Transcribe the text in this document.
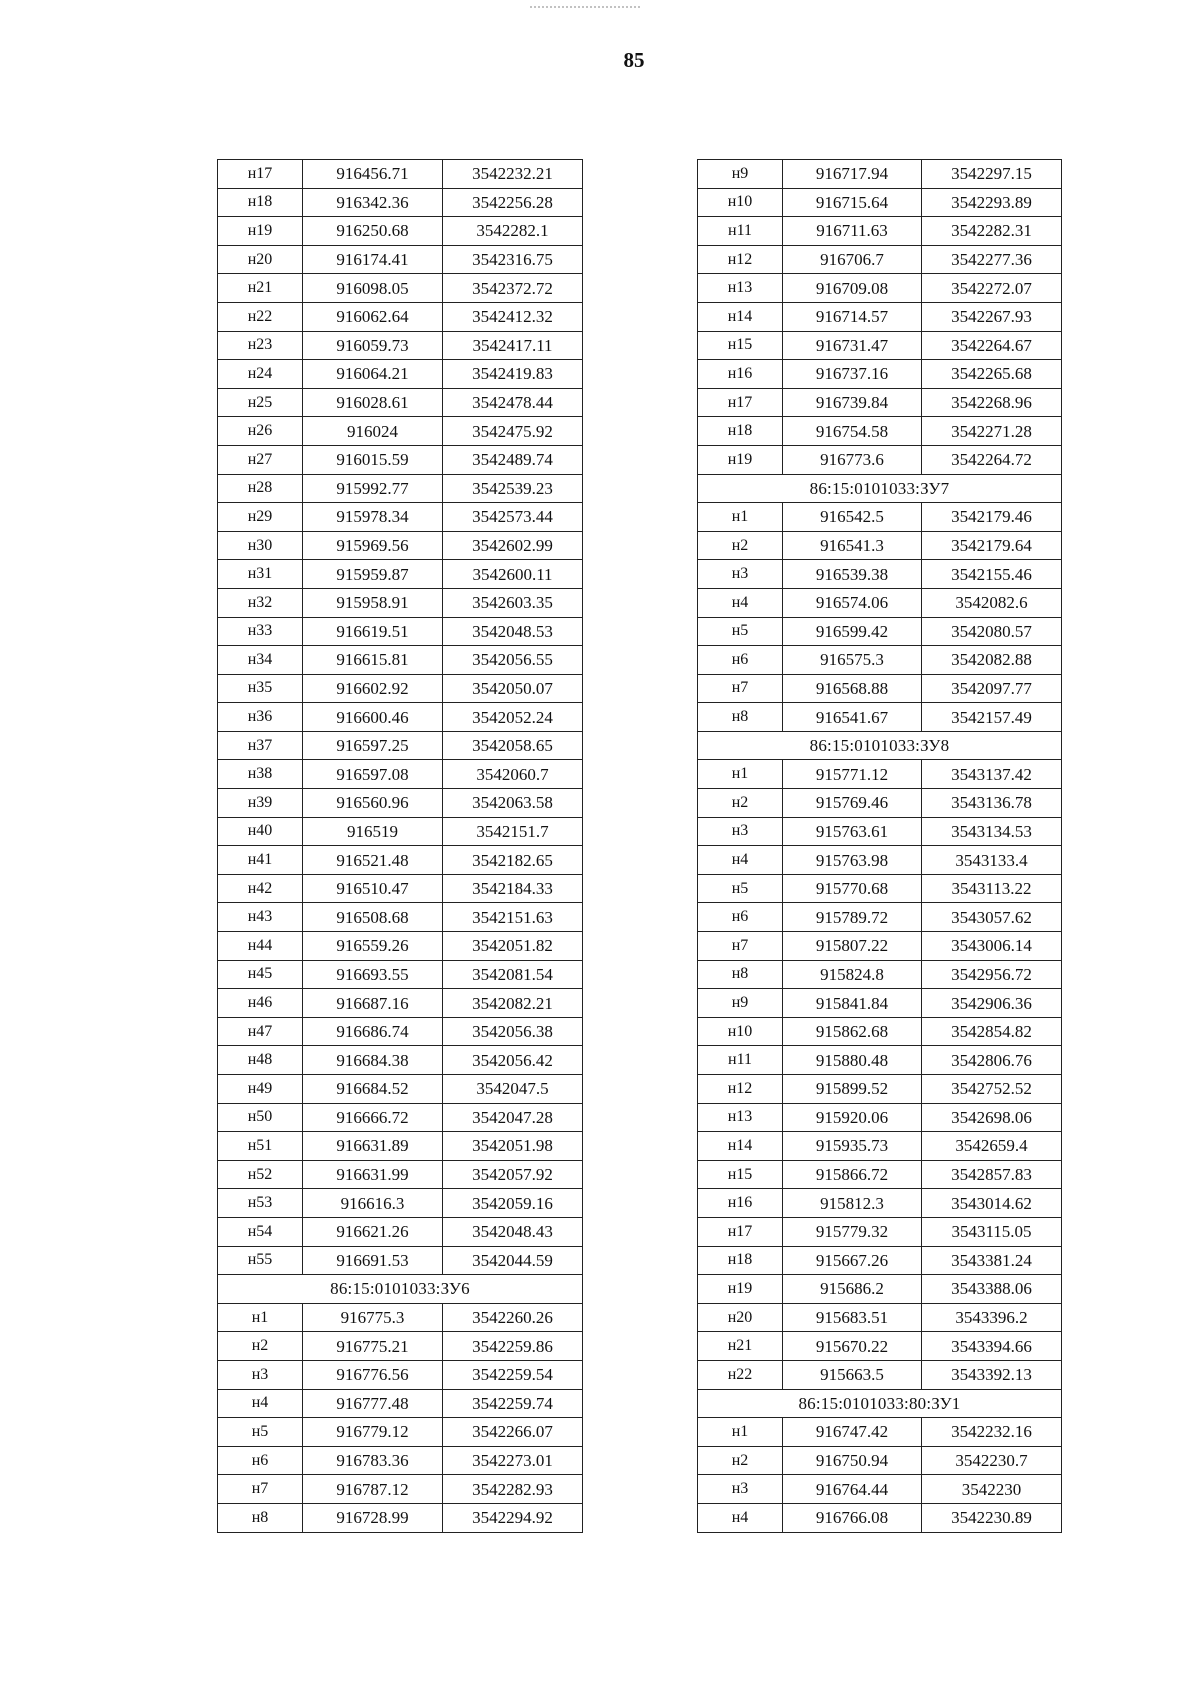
85
н17	916456.71	3542232.21
н18	916342.36	3542256.28
н19	916250.68	3542282.1
н20	916174.41	3542316.75
н21	916098.05	3542372.72
н22	916062.64	3542412.32
н23	916059.73	3542417.11
н24	916064.21	3542419.83
н25	916028.61	3542478.44
н26	916024	3542475.92
н27	916015.59	3542489.74
н28	915992.77	3542539.23
н29	915978.34	3542573.44
н30	915969.56	3542602.99
н31	915959.87	3542600.11
н32	915958.91	3542603.35
н33	916619.51	3542048.53
н34	916615.81	3542056.55
н35	916602.92	3542050.07
н36	916600.46	3542052.24
н37	916597.25	3542058.65
н38	916597.08	3542060.7
н39	916560.96	3542063.58
н40	916519	3542151.7
н41	916521.48	3542182.65
н42	916510.47	3542184.33
н43	916508.68	3542151.63
н44	916559.26	3542051.82
н45	916693.55	3542081.54
н46	916687.16	3542082.21
н47	916686.74	3542056.38
н48	916684.38	3542056.42
н49	916684.52	3542047.5
н50	916666.72	3542047.28
н51	916631.89	3542051.98
н52	916631.99	3542057.92
н53	916616.3	3542059.16
н54	916621.26	3542048.43
н55	916691.53	3542044.59
86:15:0101033:ЗУ6		
н1	916775.3	3542260.26
н2	916775.21	3542259.86
н3	916776.56	3542259.54
н4	916777.48	3542259.74
н5	916779.12	3542266.07
н6	916783.36	3542273.01
н7	916787.12	3542282.93
н8	916728.99	3542294.92
н9	916717.94	3542297.15
н10	916715.64	3542293.89
н11	916711.63	3542282.31
н12	916706.7	3542277.36
н13	916709.08	3542272.07
н14	916714.57	3542267.93
н15	916731.47	3542264.67
н16	916737.16	3542265.68
н17	916739.84	3542268.96
н18	916754.58	3542271.28
н19	916773.6	3542264.72
86:15:0101033:ЗУ7		
н1	916542.5	3542179.46
н2	916541.3	3542179.64
н3	916539.38	3542155.46
н4	916574.06	3542082.6
н5	916599.42	3542080.57
н6	916575.3	3542082.88
н7	916568.88	3542097.77
н8	916541.67	3542157.49
86:15:0101033:ЗУ8		
н1	915771.12	3543137.42
н2	915769.46	3543136.78
н3	915763.61	3543134.53
н4	915763.98	3543133.4
н5	915770.68	3543113.22
н6	915789.72	3543057.62
н7	915807.22	3543006.14
н8	915824.8	3542956.72
н9	915841.84	3542906.36
н10	915862.68	3542854.82
н11	915880.48	3542806.76
н12	915899.52	3542752.52
н13	915920.06	3542698.06
н14	915935.73	3542659.4
н15	915866.72	3542857.83
н16	915812.3	3543014.62
н17	915779.32	3543115.05
н18	915667.26	3543381.24
н19	915686.2	3543388.06
н20	915683.51	3543396.2
н21	915670.22	3543394.66
н22	915663.5	3543392.13
86:15:0101033:80:ЗУ1		
н1	916747.42	3542232.16
н2	916750.94	3542230.7
н3	916764.44	3542230
н4	916766.08	3542230.89
